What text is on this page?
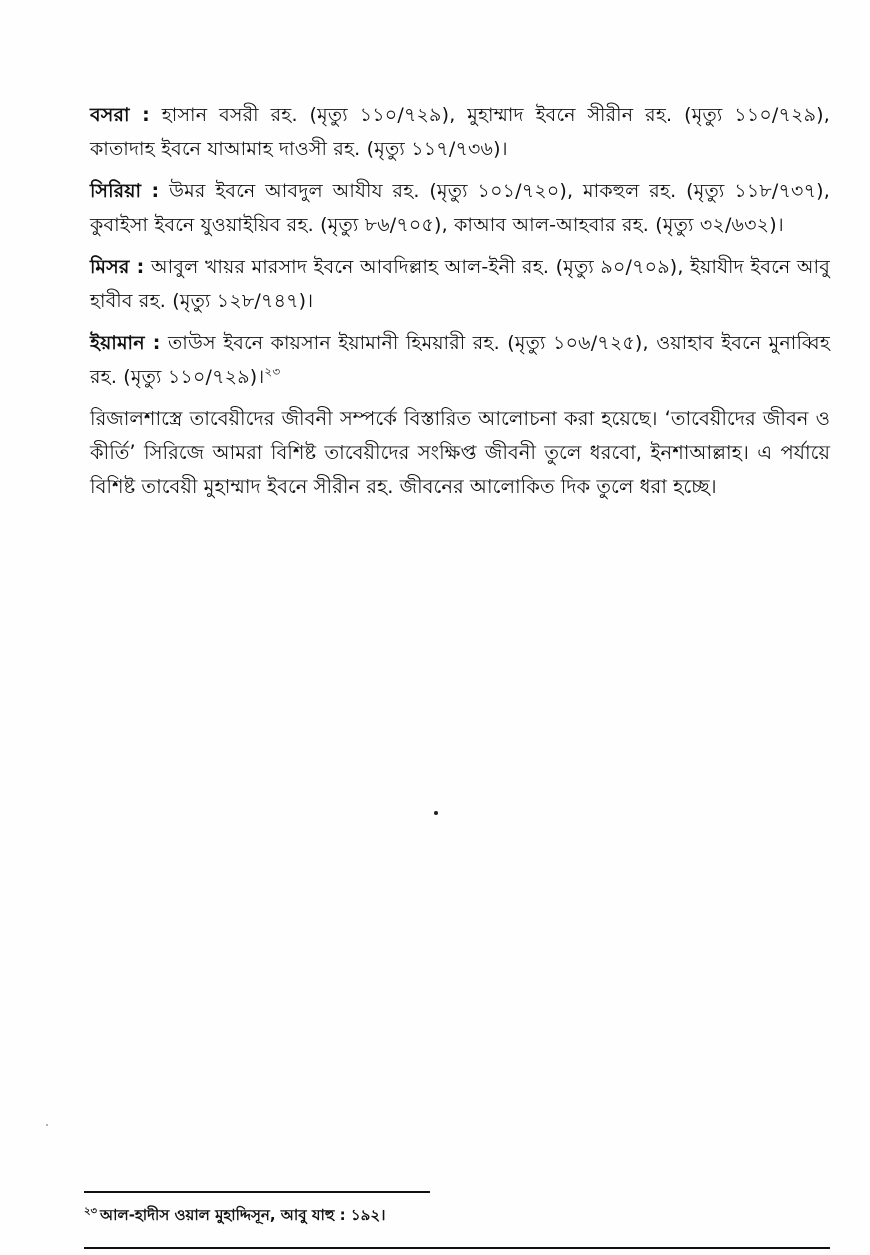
বসরা : হাসান বসরী রহ. (মৃত্যু ১১০/৭২৯), মুহাম্মাদ ইবনে সীরীন রহ. (মৃত্যু ১১০/৭২৯), কাতাদাহ ইবনে যাআমাহ দাওসী রহ. (মৃত্যু ১১৭/৭৩৬)।

সিরিয়া : উমর ইবনে আবদুল আযীয রহ. (মৃত্যু ১০১/৭২০), মাকহুল রহ. (মৃত্যু ১১৮/৭৩৭), কুবাইসা ইবনে যুওয়াইয়িব রহ. (মৃত্যু ৮৬/৭০৫), কাআব আল-আহবার রহ. (মৃত্যু ৩২/৬৩২)।

মিসর : আবুল খায়র মারসাদ ইবনে আবদিল্লাহ আল-ইনী রহ. (মৃত্যু ৯০/৭০৯), ইয়াযীদ ইবনে আবু হাবীব রহ. (মৃত্যু ১২৮/৭৪৭)।

ইয়ামান : তাউস ইবনে কায়সান ইয়ামানী হিময়ারী রহ. (মৃত্যু ১০৬/৭২৫), ওয়াহাব ইবনে মুনাব্বিহ রহ. (মৃত্যু ১১০/৭২৯)।$^{২৩}$

রিজালশাস্ত্রে তাবেয়ীদের জীবনী সম্পর্কে বিস্তারিত আলোচনা করা হয়েছে। ‘তাবেয়ীদের জীবন ও কীর্তি’ সিরিজে আমরা বিশিষ্ট তাবেয়ীদের সংক্ষিপ্ত জীবনী তুলে ধরবো, ইনশাআল্লাহ। এ পর্যায়ে বিশিষ্ট তাবেয়ী মুহাম্মাদ ইবনে সীরীন রহ. জীবনের আলোকিত দিক তুলে ধরা হচ্ছে।

$^{২৩}$ আল-হাদীস ওয়াল মুহাদ্দিসূন, আবু যাহু : ১৯২।
